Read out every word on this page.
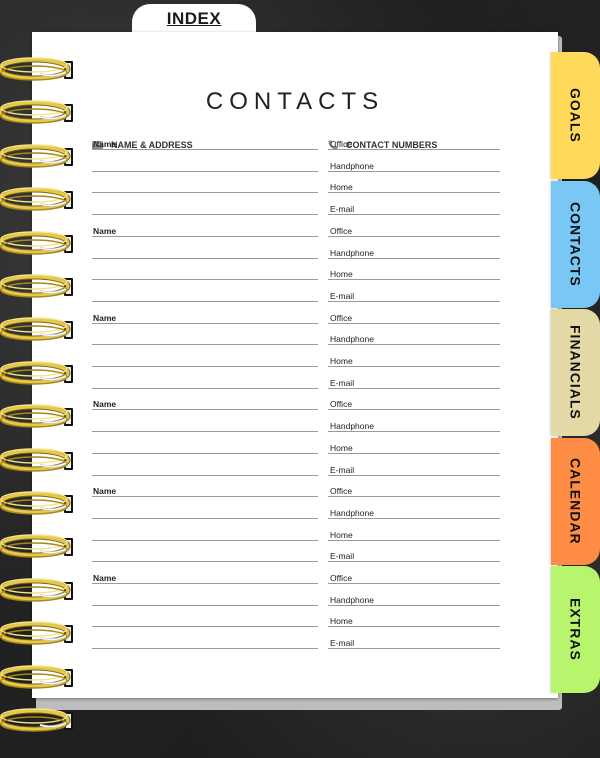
INDEX
CONTACTS
NAME & ADDRESS	CONTACT NUMBERS
Office
Handphone
Home
E-mail
Name
Office
Handphone
Home
E-mail
Name
Office
Handphone
Home
E-mail
Name
Office
Handphone
Home
E-mail
Name
Office
Handphone
Home
E-mail
Name
Office
Handphone
Home
E-mail
Name
GOALS
CONTACTS
FINANCIALS
CALENDAR
EXTRAS
